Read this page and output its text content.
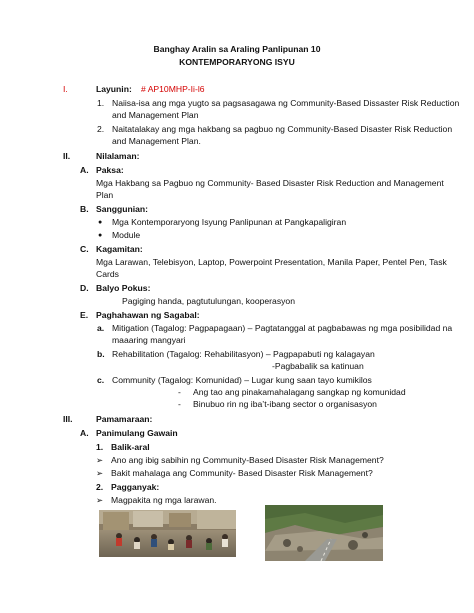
Banghay Aralin sa Araling Panlipunan 10
KONTEMPORARYONG ISYU
I.	Layunin: # AP10MHP-Ii-l6
1. Naiisa-isa ang mga yugto sa pagsasagawa ng Community-Based Dissaster Risk Reduction
and Management Plan
2. Naitatalakay ang mga hakbang sa pagbuo ng Community-Based Disaster Risk Reduction
and Management Plan.
II.	Nilalaman:
A. Paksa:
Mga Hakbang sa Pagbuo ng Community- Based Disaster Risk Reduction and Management
Plan
B. Sanggunian:
● Mga Kontemporaryong Isyung Panlipunan at Pangkapaligiran
● Module
C. Kagamitan:
Mga Larawan, Telebisyon, Laptop, Powerpoint Presentation, Manila Paper, Pentel Pen, Task
Cards
D. Balyo Pokus:
Pagiging handa, pagtutulungan, kooperasyon
E. Paghahawan ng Sagabal:
a. Mitigation (Tagalog: Pagpapagaan) – Pagtatanggal at pagbabawas ng mga posibilidad na
maaaring mangyari
b. Rehabilitation (Tagalog: Rehabilitasyon) – Pagpapabuti ng kalagayan
-Pagbabalik sa katinuan
c. Community (Tagalog: Komunidad) – Lugar kung saan tayo kumikilos
- Ang tao ang pinakamahalagang sangkap ng komunidad
- Binubuo rin ng iba’t-ibang sector o organisasyon
III.	Pamamaraan:
A. Panimulang Gawain
1. Balik-aral
➢ Ano ang ibig sabihin ng Community-Based Disaster Risk Management?
➢ Bakit mahalaga ang Community- Based Disaster Risk Management?
2. Pagganyak:
➢ Magpakita ng mga larawan.
